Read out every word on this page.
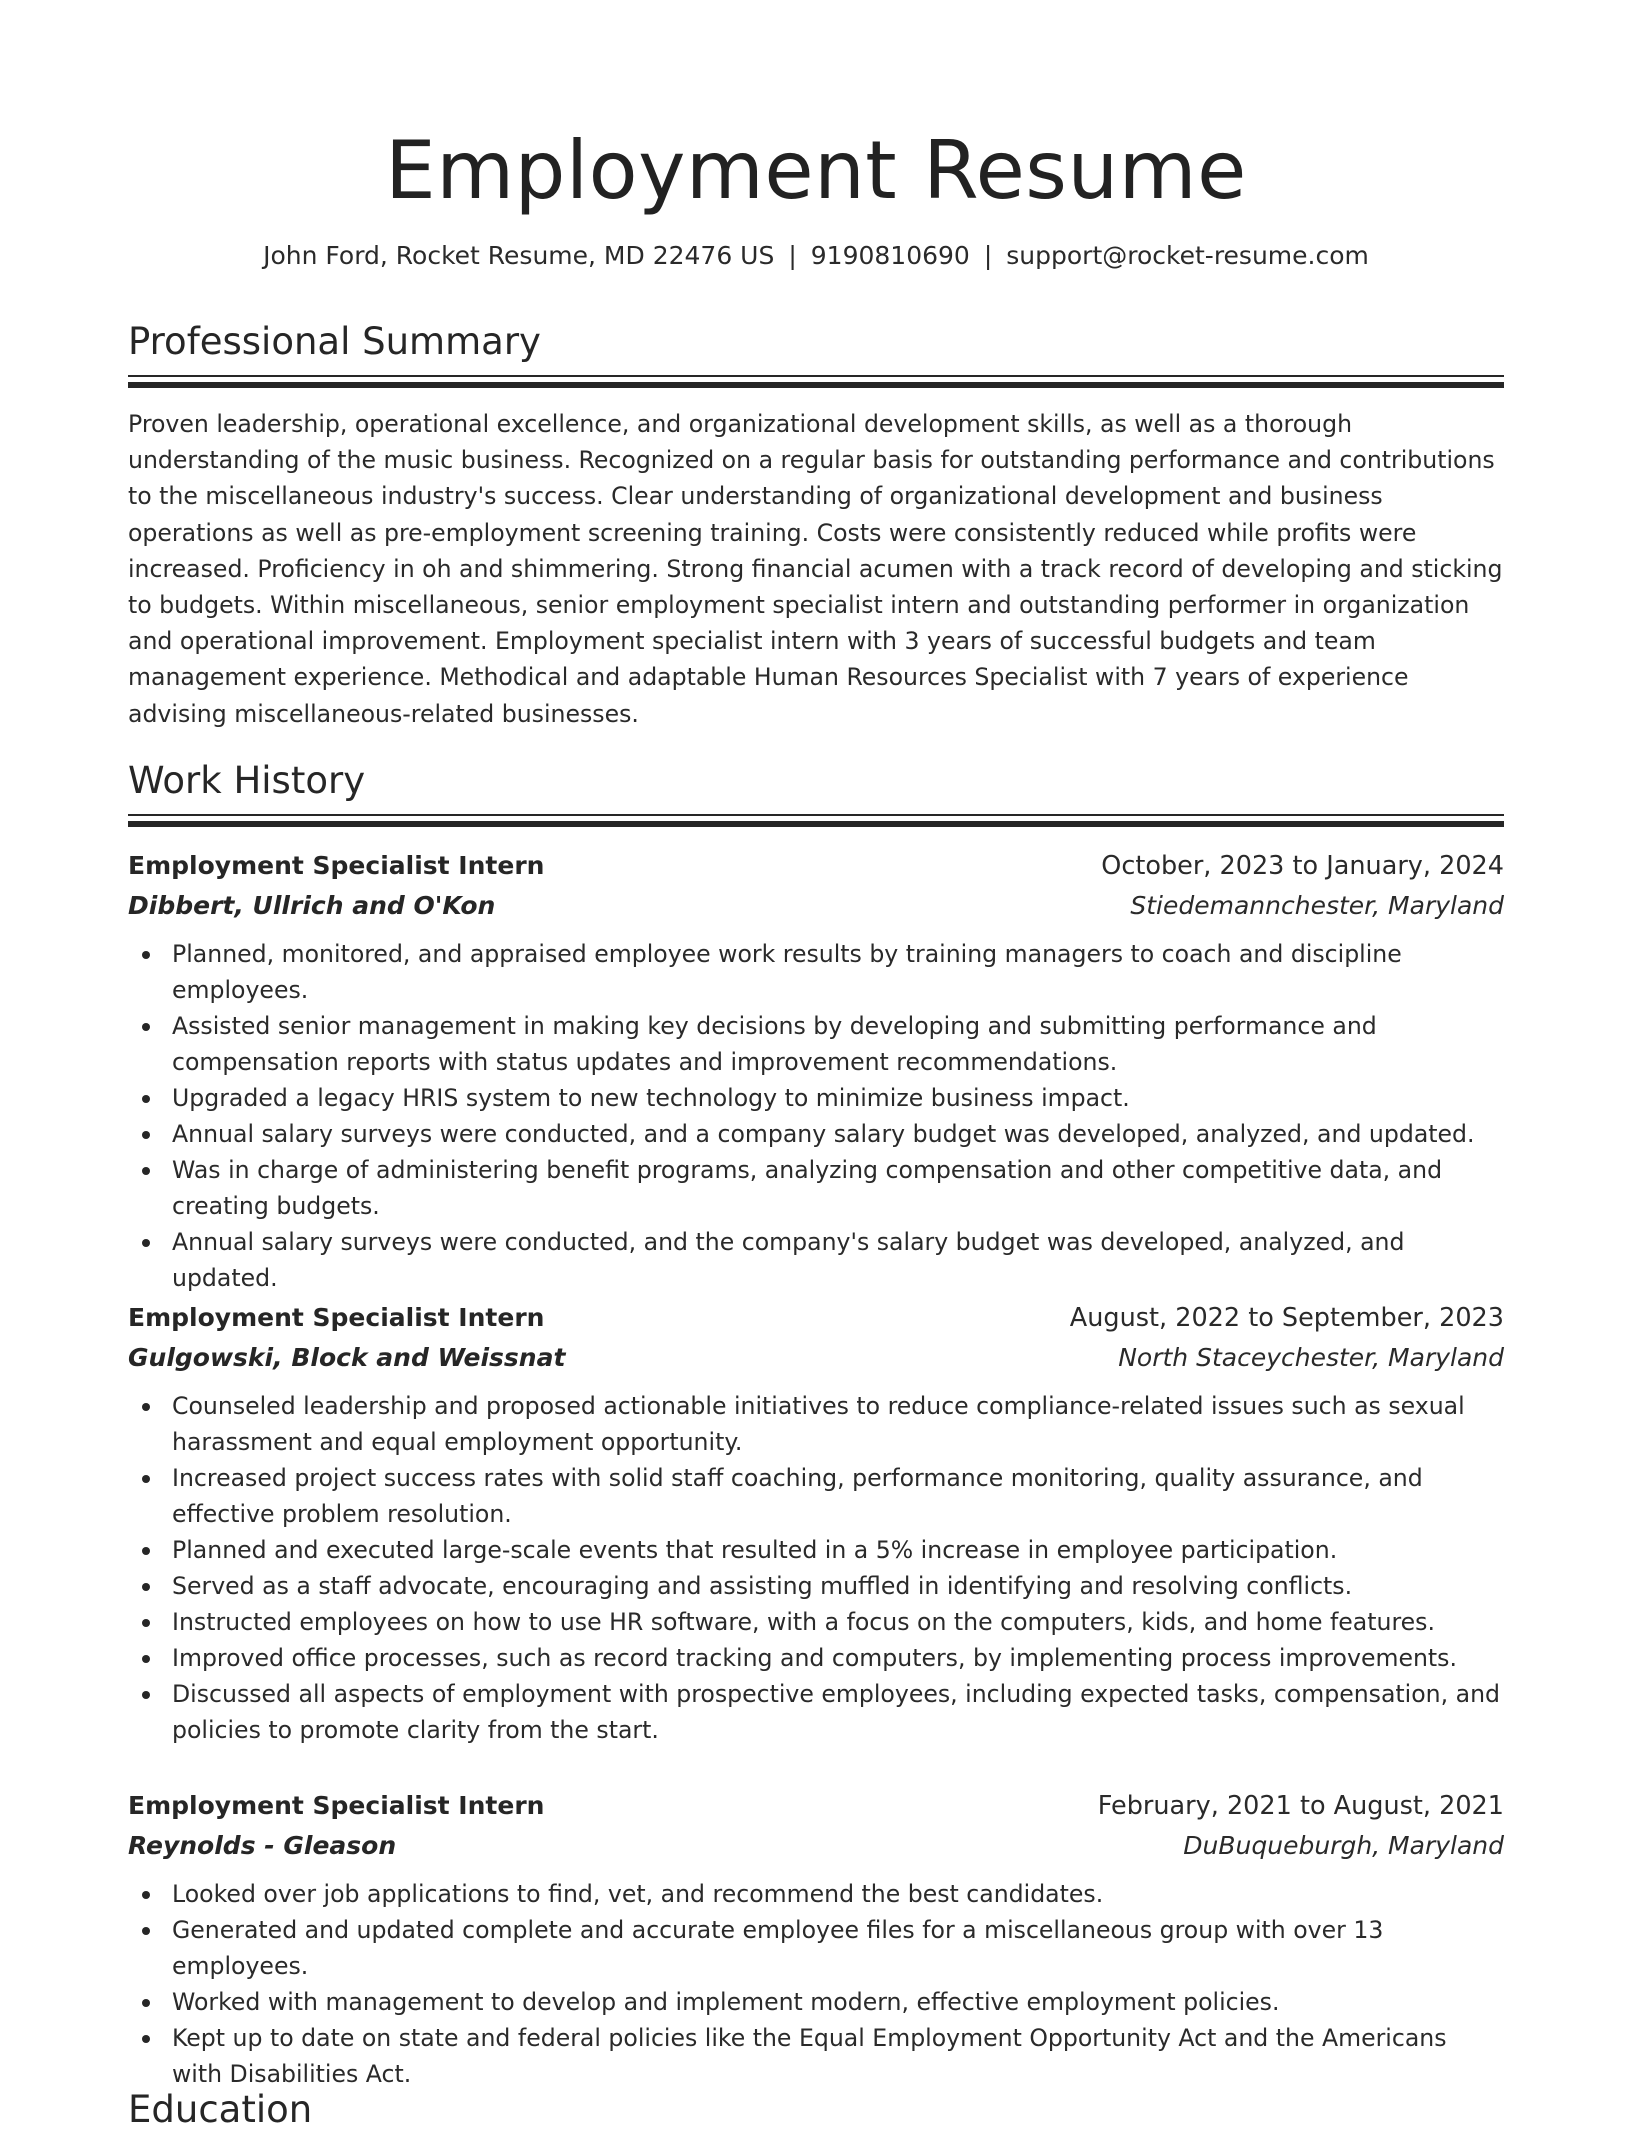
Employment Resume
John Ford, Rocket Resume, MD 22476 US | 9190810690 | support@rocket-resume.com
Professional Summary

Proven leadership, operational excellence, and organizational development skills, as well as a thorough understanding of the music business. Recognized on a regular basis for outstanding performance and contributions to the miscellaneous industry's success. Clear understanding of organizational development and business operations as well as pre-employment screening training. Costs were consistently reduced while profits were increased. Proficiency in oh and shimmering. Strong financial acumen with a track record of developing and sticking to budgets. Within miscellaneous, senior employment specialist intern and outstanding performer in organization and operational improvement. Employment specialist intern with 3 years of successful budgets and team management experience. Methodical and adaptable Human Resources Specialist with 7 years of experience advising miscellaneous-related businesses.

Work History
Employment Specialist Intern	October, 2023 to January, 2024
Dibbert, Ullrich and O'Kon	Stiedemannchester, Maryland
Planned, monitored, and appraised employee work results by training managers to coach and discipline employees.
Assisted senior management in making key decisions by developing and submitting performance and compensation reports with status updates and improvement recommendations.
Upgraded a legacy HRIS system to new technology to minimize business impact.
Annual salary surveys were conducted, and a company salary budget was developed, analyzed, and updated.
Was in charge of administering benefit programs, analyzing compensation and other competitive data, and creating budgets.
Annual salary surveys were conducted, and the company's salary budget was developed, analyzed, and updated.
Employment Specialist Intern	August, 2022 to September, 2023
Gulgowski, Block and Weissnat	North Staceychester, Maryland
Counseled leadership and proposed actionable initiatives to reduce compliance-related issues such as sexual harassment and equal employment opportunity.
Increased project success rates with solid staff coaching, performance monitoring, quality assurance, and effective problem resolution.
Planned and executed large-scale events that resulted in a 5% increase in employee participation.
Served as a staff advocate, encouraging and assisting muffled in identifying and resolving conflicts.
Instructed employees on how to use HR software, with a focus on the computers, kids, and home features.
Improved office processes, such as record tracking and computers, by implementing process improvements.
Discussed all aspects of employment with prospective employees, including expected tasks, compensation, and policies to promote clarity from the start.
Employment Specialist Intern	February, 2021 to August, 2021
Reynolds - Gleason	DuBuqueburgh, Maryland
Looked over job applications to find, vet, and recommend the best candidates.
Generated and updated complete and accurate employee files for a miscellaneous group with over 13 employees.
Worked with management to develop and implement modern, effective employment policies.
Kept up to date on state and federal policies like the Equal Employment Opportunity Act and the Americans with Disabilities Act.
Education
